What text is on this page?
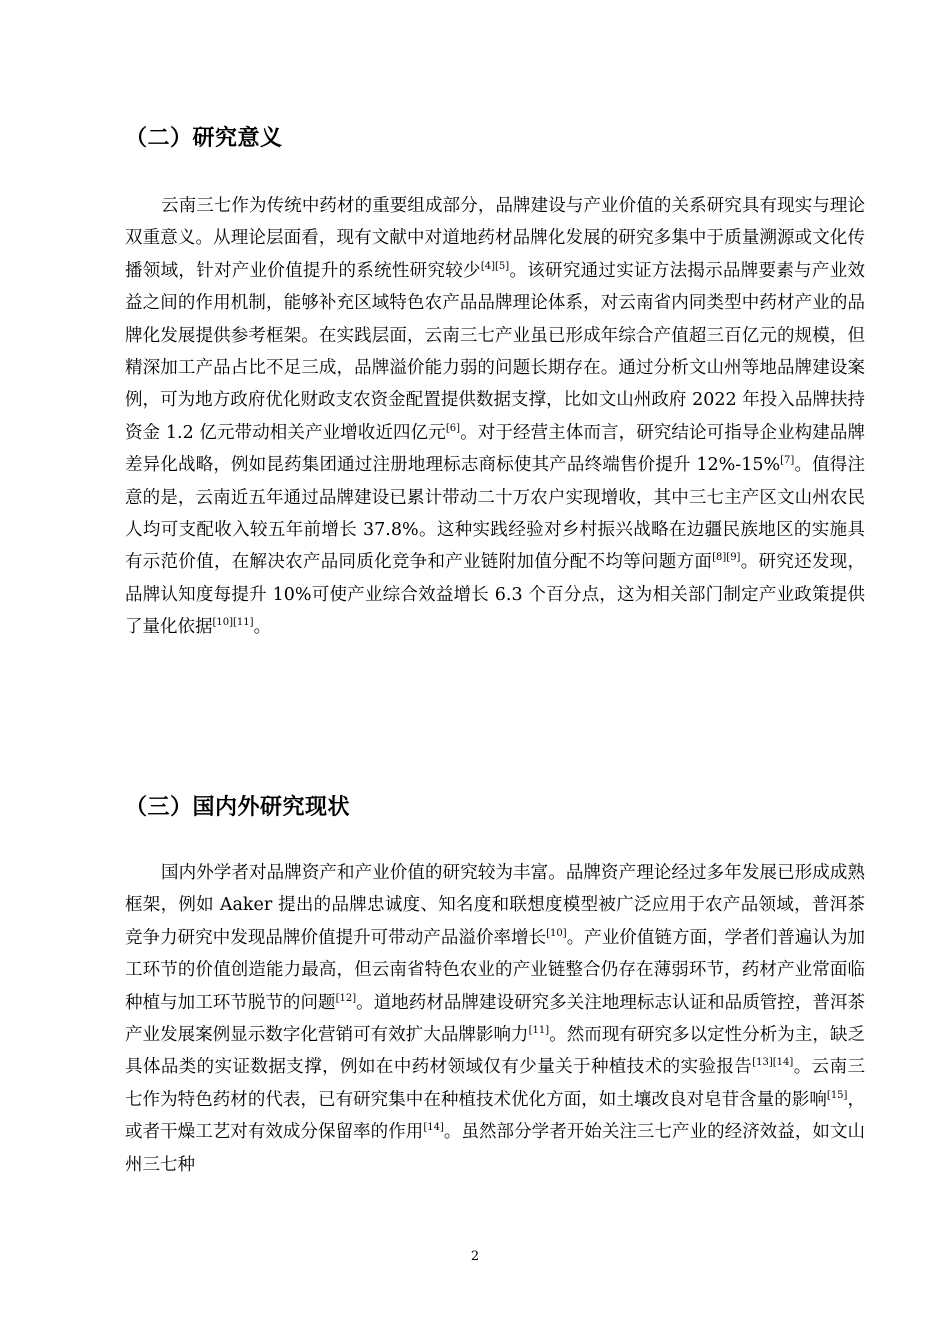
（二）研究意义

云南三七作为传统中药材的重要组成部分，品牌建设与产业价值的关系研究具有现实与理论双重意义。从理论层面看，现有文献中对道地药材品牌化发展的研究多集中于质量溯源或文化传播领域，针对产业价值提升的系统性研究较少[4][5]。该研究通过实证方法揭示品牌要素与产业效益之间的作用机制，能够补充区域特色农产品品牌理论体系，对云南省内同类型中药材产业的品牌化发展提供参考框架。在实践层面，云南三七产业虽已形成年综合产值超三百亿元的规模，但精深加工产品占比不足三成，品牌溢价能力弱的问题长期存在。通过分析文山州等地品牌建设案例，可为地方政府优化财政支农资金配置提供数据支撑，比如文山州政府 2022 年投入品牌扶持资金 1.2 亿元带动相关产业增收近四亿元[6]。对于经营主体而言，研究结论可指导企业构建品牌差异化战略，例如昆药集团通过注册地理标志商标使其产品终端售价提升 12%-15%[7]。值得注意的是，云南近五年通过品牌建设已累计带动二十万农户实现增收，其中三七主产区文山州农民人均可支配收入较五年前增长 37.8%。这种实践经验对乡村振兴战略在边疆民族地区的实施具有示范价值，在解决农产品同质化竞争和产业链附加值分配不均等问题方面[8][9]。研究还发现，品牌认知度每提升 10%可使产业综合效益增长 6.3 个百分点，这为相关部门制定产业政策提供了量化依据[10][11]。

（三）国内外研究现状

国内外学者对品牌资产和产业价值的研究较为丰富。品牌资产理论经过多年发展已形成成熟框架，例如 Aaker 提出的品牌忠诚度、知名度和联想度模型被广泛应用于农产品领域，普洱茶竞争力研究中发现品牌价值提升可带动产品溢价率增长[10]。产业价值链方面，学者们普遍认为加工环节的价值创造能力最高，但云南省特色农业的产业链整合仍存在薄弱环节，药材产业常面临种植与加工环节脱节的问题[12]。道地药材品牌建设研究多关注地理标志认证和品质管控，普洱茶产业发展案例显示数字化营销可有效扩大品牌影响力[11]。然而现有研究多以定性分析为主，缺乏具体品类的实证数据支撑，例如在中药材领域仅有少量关于种植技术的实验报告[13][14]。云南三七作为特色药材的代表，已有研究集中在种植技术优化方面，如土壤改良对皂苷含量的影响[15]，或者干燥工艺对有效成分保留率的作用[14]。虽然部分学者开始关注三七产业的经济效益，如文山州三七种

2
